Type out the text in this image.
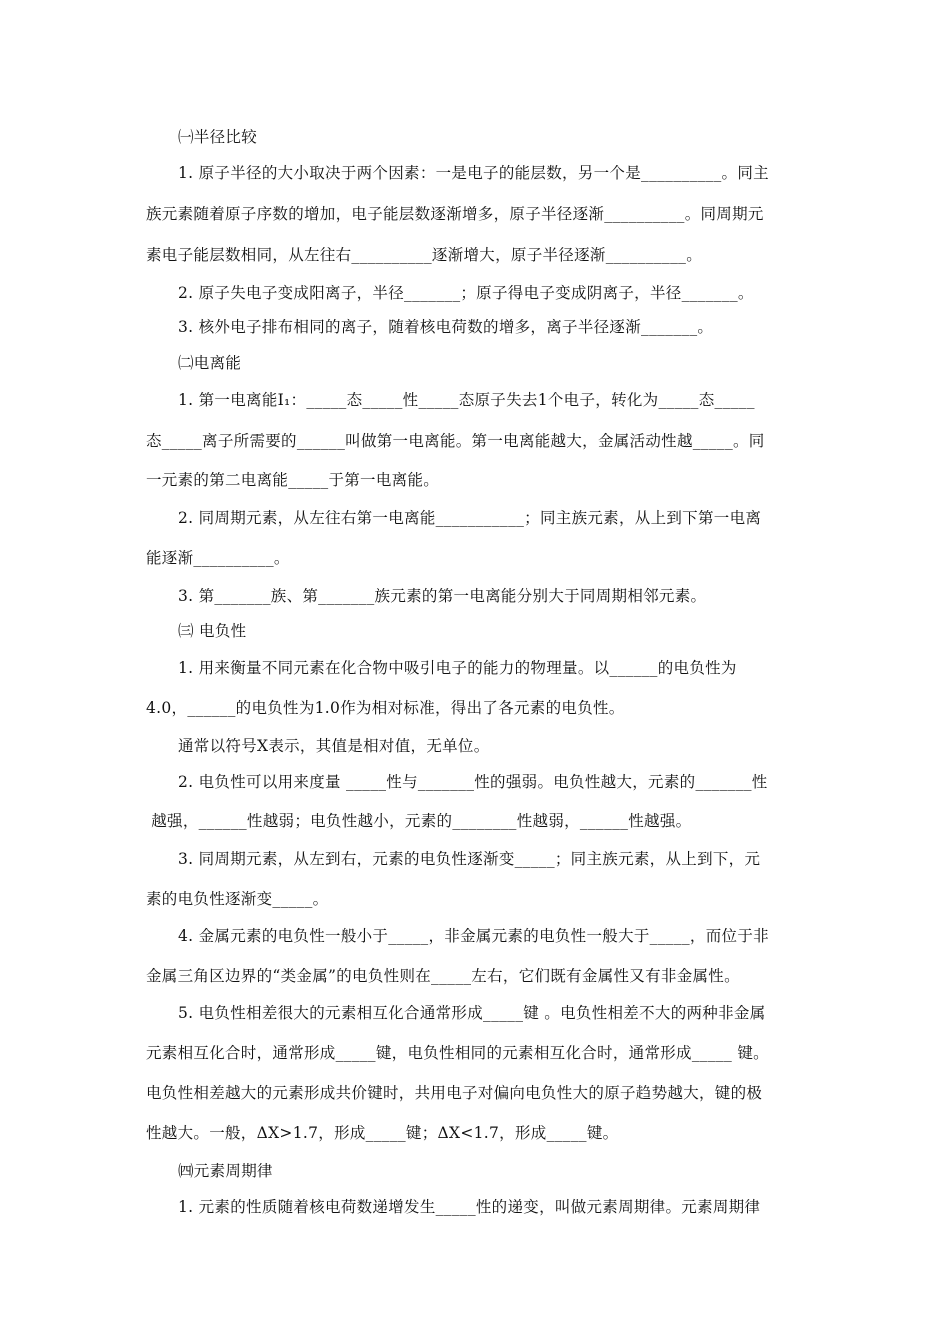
㈠半径比较
1. 原子半径的大小取决于两个因素：一是电子的能层数，另一个是__________。同主
族元素随着原子序数的增加，电子能层数逐渐增多，原子半径逐渐__________。同周期元
素电子能层数相同，从左往右__________逐渐增大，原子半径逐渐__________。
2. 原子失电子变成阳离子，半径_______；原子得电子变成阴离子，半径_______。
3. 核外电子排布相同的离子，随着核电荷数的增多，离子半径逐渐_______。
㈡电离能
1. 第一电离能I₁：_____态_____性_____态原子失去1个电子，转化为_____态_____
态_____离子所需要的______叫做第一电离能。第一电离能越大，金属活动性越_____。同
一元素的第二电离能_____于第一电离能。
2. 同周期元素，从左往右第一电离能___________；同主族元素，从上到下第一电离
能逐渐__________。
3. 第_______族、第_______族元素的第一电离能分别大于同周期相邻元素。
㈢ 电负性
1. 用来衡量不同元素在化合物中吸引电子的能力的物理量。以______的电负性为
4.0，______的电负性为1.0作为相对标准，得出了各元素的电负性。
通常以符号X表示，其值是相对值，无单位。
2. 电负性可以用来度量 _____性与_______性的强弱。电负性越大，元素的_______性
越强，______性越弱；电负性越小，元素的________性越弱，______性越强。
3. 同周期元素，从左到右，元素的电负性逐渐变_____；同主族元素，从上到下，元
素的电负性逐渐变_____。
4. 金属元素的电负性一般小于_____，非金属元素的电负性一般大于_____，而位于非
金属三角区边界的“类金属”的电负性则在_____左右，它们既有金属性又有非金属性。
5. 电负性相差很大的元素相互化合通常形成_____键 。电负性相差不大的两种非金属
元素相互化合时，通常形成_____键，电负性相同的元素相互化合时，通常形成_____ 键。
电负性相差越大的元素形成共价键时，共用电子对偏向电负性大的原子趋势越大，键的极
性越大。一般，ΔX>1.7，形成_____键；ΔX<1.7，形成_____键。
㈣元素周期律
1. 元素的性质随着核电荷数递增发生_____性的递变，叫做元素周期律。元素周期律
